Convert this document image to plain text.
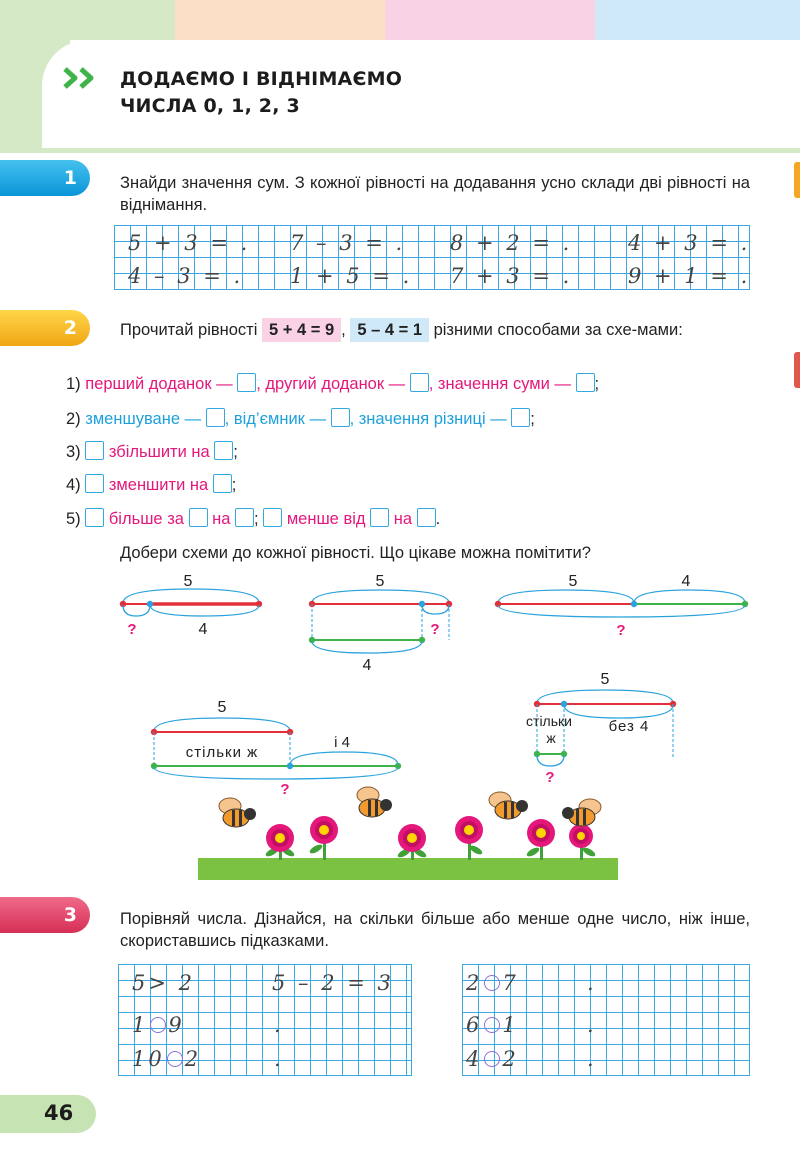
ДОДАЄМО І ВІДНІМАЄМО
ЧИСЛА 0, 1, 2, 3
1	Знайди значення сум. З кожної рівності на додавання усно склади дві рівності на віднімання.
5 + 3 = . 7 – 3 = . 8 + 2 = .	4 + 3 = .
4 – 3 = . 1 + 5 = . 7 + 3 = .	9 + 1 = .
2	Прочитай рівності 5 + 4 = 9 , 5 – 4 = 1 різними способами за схе-мами:
1) перший доданок — , другий доданок — , значення суми — ;
2) зменшуване — , від’ємник — , значення різниці — ;
3) збільшити на ;
4) зменшити на ;
5) більше за на ; менше від на .
Добери схеми до кожної рівності. Що цікаве можна помітити?
5
?	4
5
?
4
5	4
?
5
стільки ж
і 4
?
5
стільки
ж
без 4
?
3	Порівняй числа. Дізнайся, на скільки більше або менше одне число, ніж інше, скориставшись підказками.
5> 2	5 – 2 = 3
1 9	.
10 2	.
2 7	.
6 1	.
4 2	.
46
